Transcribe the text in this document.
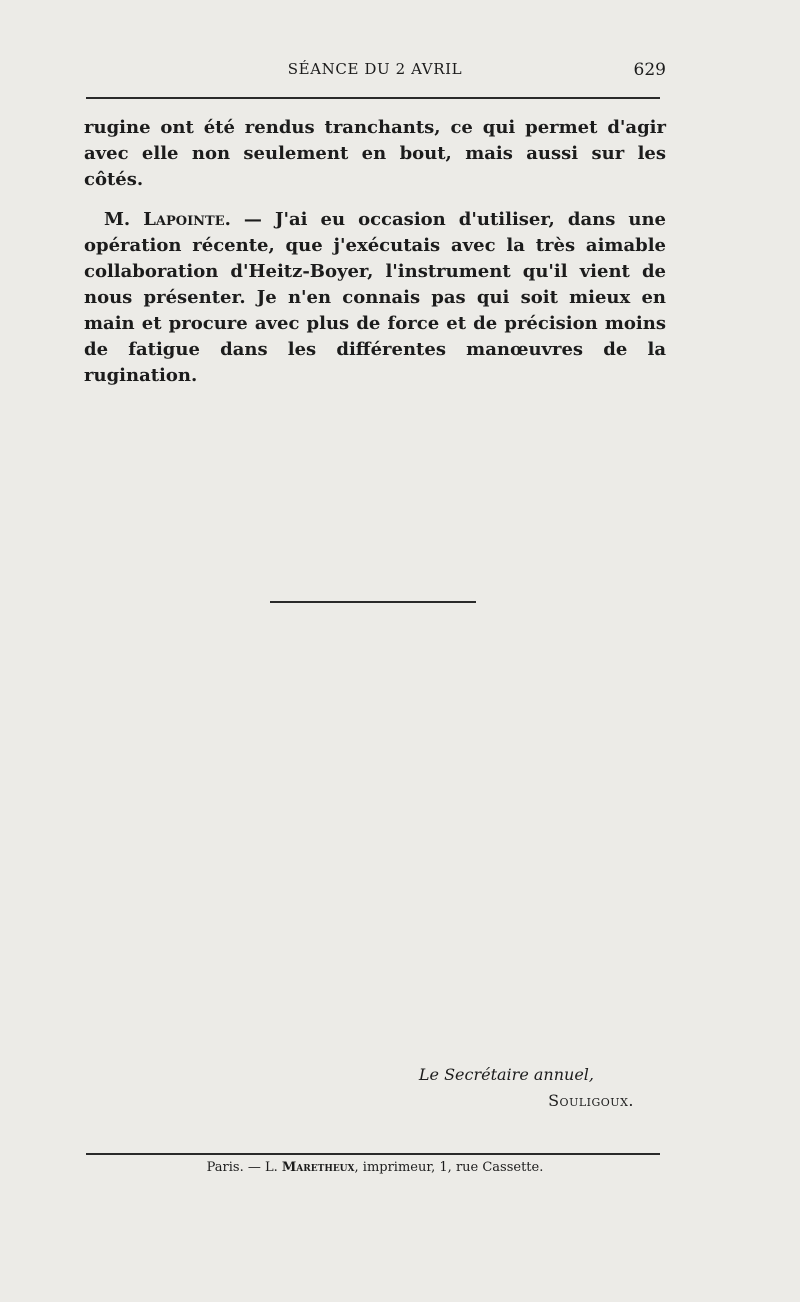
SÉANCE DU 2 AVRIL	629

rugine ont été rendus tranchants, ce qui permet d'agir avec elle non seulement en bout, mais aussi sur les côtés.

M. Lapointe. — J'ai eu occasion d'utiliser, dans une opération récente, que j'exécutais avec la très aimable collaboration d'Heitz-Boyer, l'instrument qu'il vient de nous présenter. Je n'en connais pas qui soit mieux en main et procure avec plus de force et de précision moins de fatigue dans les différentes manœuvres de la rugination.

Le Secrétaire annuel,
Souligoux.
Paris. — L. Maretheux, imprimeur, 1, rue Cassette.
